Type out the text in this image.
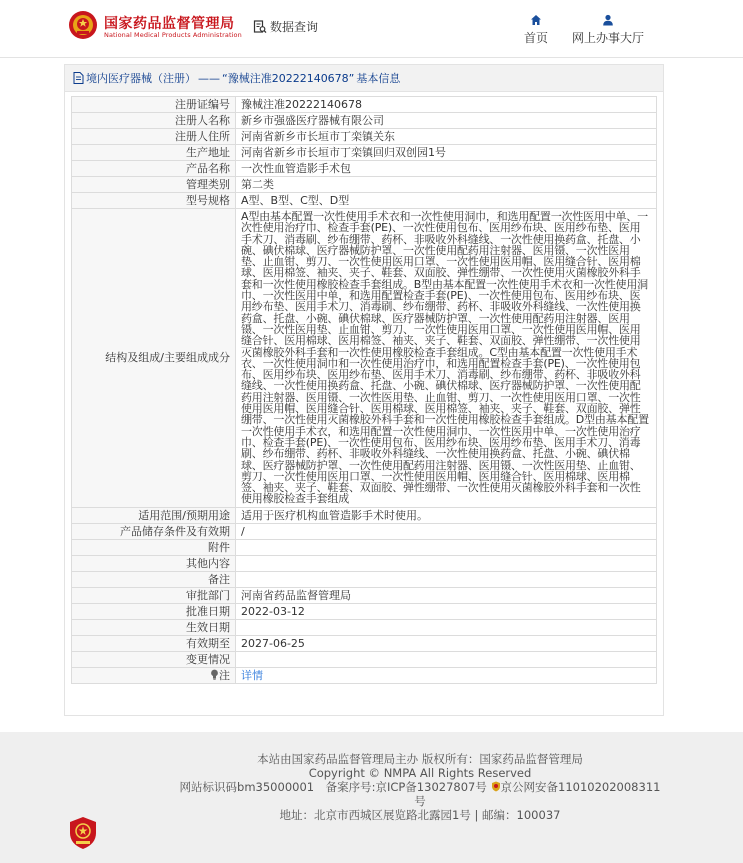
国家药品监督管理局
National Medical Products Administration
数据查询
首页 网上办事大厅
境内医疗器械（注册） —— “豫械注准20222140678” 基本信息
注册证编号	豫械注准20222140678
注册人名称	新乡市强盛医疗器械有限公司
注册人住所	河南省新乡市长垣市丁栾镇关东
生产地址	河南省新乡市长垣市丁栾镇回归双创园1号
产品名称	一次性血管造影手术包
管理类别	第二类
型号规格	A型、B型、C型、D型
结构及组成/主要组成成分	A型由基本配置一次性使用手术衣和一次性使用洞巾，和选用配置一次性医用中单、一次性使用治疗巾、检查手套(PE)、一次性使用包布、医用纱布块、医用纱布垫、医用手术刀、消毒刷、纱布绷带、药杯、非吸收外科缝线、一次性使用换药盒、托盘、小碗、碘伏棉球、医疗器械防护罩、一次性使用配药用注射器、医用镊、一次性医用垫、止血钳、剪刀、一次性使用医用口罩、一次性使用医用帽、医用缝合针、医用棉球、医用棉签、袖夹、夹子、鞋套、双面胶、弹性绷带、一次性使用灭菌橡胶外科手套和一次性使用橡胶检查手套组成。B型由基本配置一次性使用手术衣和一次性使用洞巾、一次性医用中单，和选用配置检查手套(PE)、一次性使用包布、医用纱布块、医用纱布垫、医用手术刀、消毒刷、纱布绷带、药杯、非吸收外科缝线、一次性使用换药盒、托盘、小碗、碘伏棉球、医疗器械防护罩、一次性使用配药用注射器、医用镊、一次性医用垫、止血钳、剪刀、一次性使用医用口罩、一次性使用医用帽、医用缝合针、医用棉球、医用棉签、袖夹、夹子、鞋套、双面胶、弹性绷带、一次性使用灭菌橡胶外科手套和一次性使用橡胶检查手套组成。C型由基本配置一次性使用手术衣、一次性使用洞巾和一次性使用治疗巾，和选用配置检查手套(PE)、一次性使用包布、医用纱布块、医用纱布垫、医用手术刀、消毒刷、纱布绷带、药杯、非吸收外科缝线、一次性使用换药盒、托盘、小碗、碘伏棉球、医疗器械防护罩、一次性使用配药用注射器、医用镊、一次性医用垫、止血钳、剪刀、一次性使用医用口罩、一次性使用医用帽、医用缝合针、医用棉球、医用棉签、袖夹、夹子、鞋套、双面胶、弹性绷带、一次性使用灭菌橡胶外科手套和一次性使用橡胶检查手套组成。D型由基本配置一次性使用手术衣，和选用配置一次性使用洞巾、一次性医用中单、一次性使用治疗巾、检查手套(PE)、一次性使用包布、医用纱布块、医用纱布垫、医用手术刀、消毒刷、纱布绷带、药杯、非吸收外科缝线、一次性使用换药盒、托盘、小碗、碘伏棉球、医疗器械防护罩、一次性使用配药用注射器、医用镊、一次性医用垫、止血钳、剪刀、一次性使用医用口罩、一次性使用医用帽、医用缝合针、医用棉球、医用棉签、袖夹、夹子、鞋套、双面胶、弹性绷带、一次性使用灭菌橡胶外科手套和一次性使用橡胶检查手套组成
适用范围/预期用途	适用于医疗机构血管造影手术时使用。
产品储存条件及有效期	/
附件	
其他内容	
备注	
审批部门	河南省药品监督管理局
批准日期	2022-03-12
生效日期	
有效期至	2027-06-25
变更情况	
注	详情
本站由国家药品监督管理局主办 版权所有：国家药品监督管理局
Copyright © NMPA All Rights Reserved
网站标识码bm35000001　备案序号:京ICP备13027807号 京公网安备11010202008311
号
地址：北京市西城区展览路北露园1号 | 邮编：100037
